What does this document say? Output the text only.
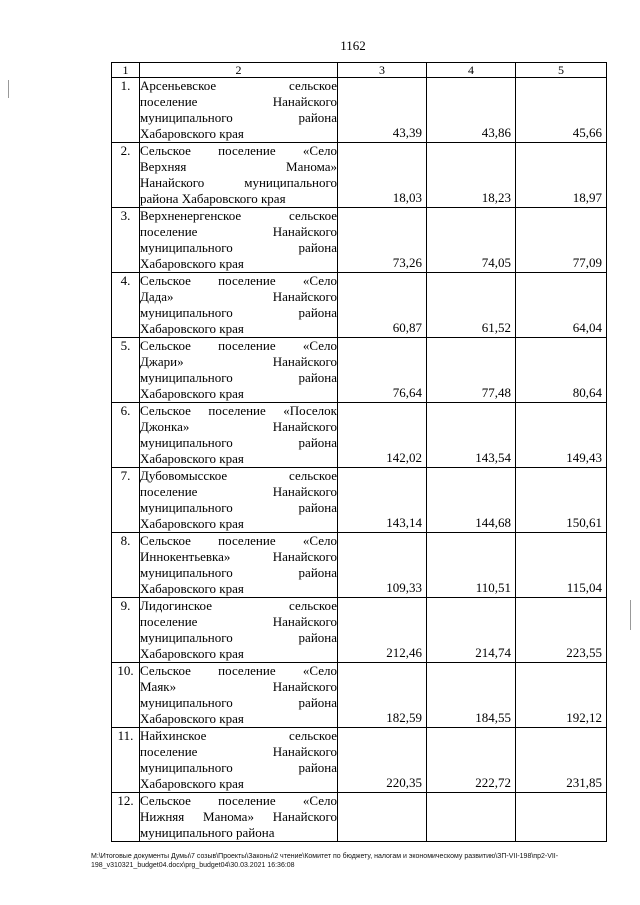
1162
1	2	3	4	5
1.	Арсеньевское сельское
поселение Нанайского
муниципального района
Хабаровского края	43,39	43,86	45,66

2.	Сельское поселение «Село
Верхняя Манома»
Нанайского муниципального
района Хабаровского края	18,03	18,23	18,97

3.	Верхненергенское сельское
поселение Нанайского
муниципального района
Хабаровского края	73,26	74,05	77,09

4.	Сельское поселение «Село
Дада» Нанайского
муниципального района
Хабаровского края	60,87	61,52	64,04

5.	Сельское поселение «Село
Джари» Нанайского
муниципального района
Хабаровского края	76,64	77,48	80,64

6.	Сельское поселение «Поселок
Джонка» Нанайского
муниципального района
Хабаровского края	142,02	143,54	149,43

7.	Дубовомысское сельское
поселение Нанайского
муниципального района
Хабаровского края	143,14	144,68	150,61

8.	Сельское поселение «Село
Иннокентьевка» Нанайского
муниципального района
Хабаровского края	109,33	110,51	115,04

9.	Лидогинское сельское
поселение Нанайского
муниципального района
Хабаровского края	212,46	214,74	223,55

10.	Сельское поселение «Село
Маяк» Нанайского
муниципального района
Хабаровского края	182,59	184,55	192,12

11.	Найхинское сельское
поселение Нанайского
муниципального района
Хабаровского края	220,35	222,72	231,85

12.	Сельское поселение «Село
Нижняя Манома» Нанайского
муниципального района			

M:\Итоговые документы Думы\7 созыв\Проекты\Законы\2 чтение\Комитет по бюджету, налогам и экономическому развитию\ЗП-VII-198\пр2-VII-198_v310321_budget04.docx\prg_budget04\30.03.2021 16:36:08
